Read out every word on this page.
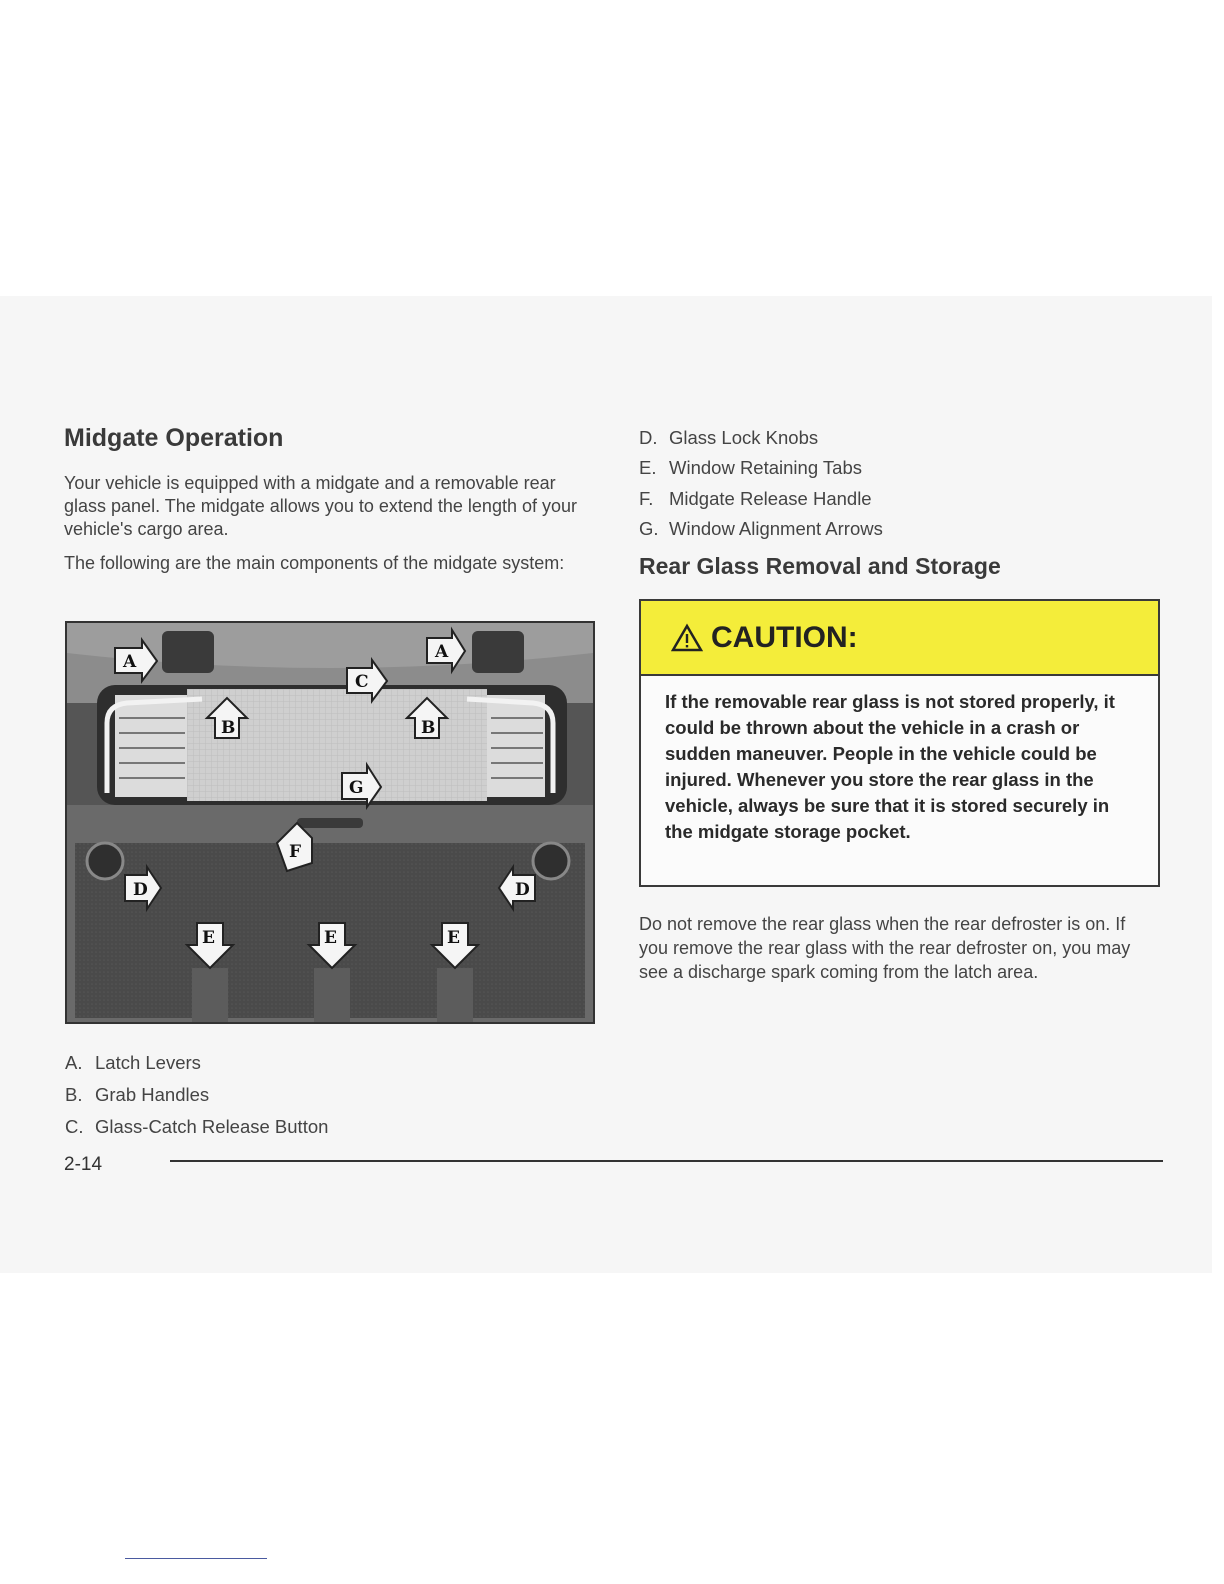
Midgate Operation

Your vehicle is equipped with a midgate and a removable rear glass panel. The midgate allows you to extend the length of your vehicle's cargo area.

The following are the main components of the midgate system:

A	A
B	B
C
G
F
D	D
E	E	E
A. Latch Levers
B. Grab Handles
C. Glass-Catch Release Button
D. Glass Lock Knobs
E. Window Retaining Tabs
F. Midgate Release Handle
G. Window Alignment Arrows
Rear Glass Removal and Storage
CAUTION:

If the removable rear glass is not stored properly, it could be thrown about the vehicle in a crash or sudden maneuver. People in the vehicle could be injured. Whenever you store the rear glass in the vehicle, always be sure that it is stored securely in the midgate storage pocket.

Do not remove the rear glass when the rear defroster is on. If you remove the rear glass with the rear defroster on, you may see a discharge spark coming from the latch area.

2-14
